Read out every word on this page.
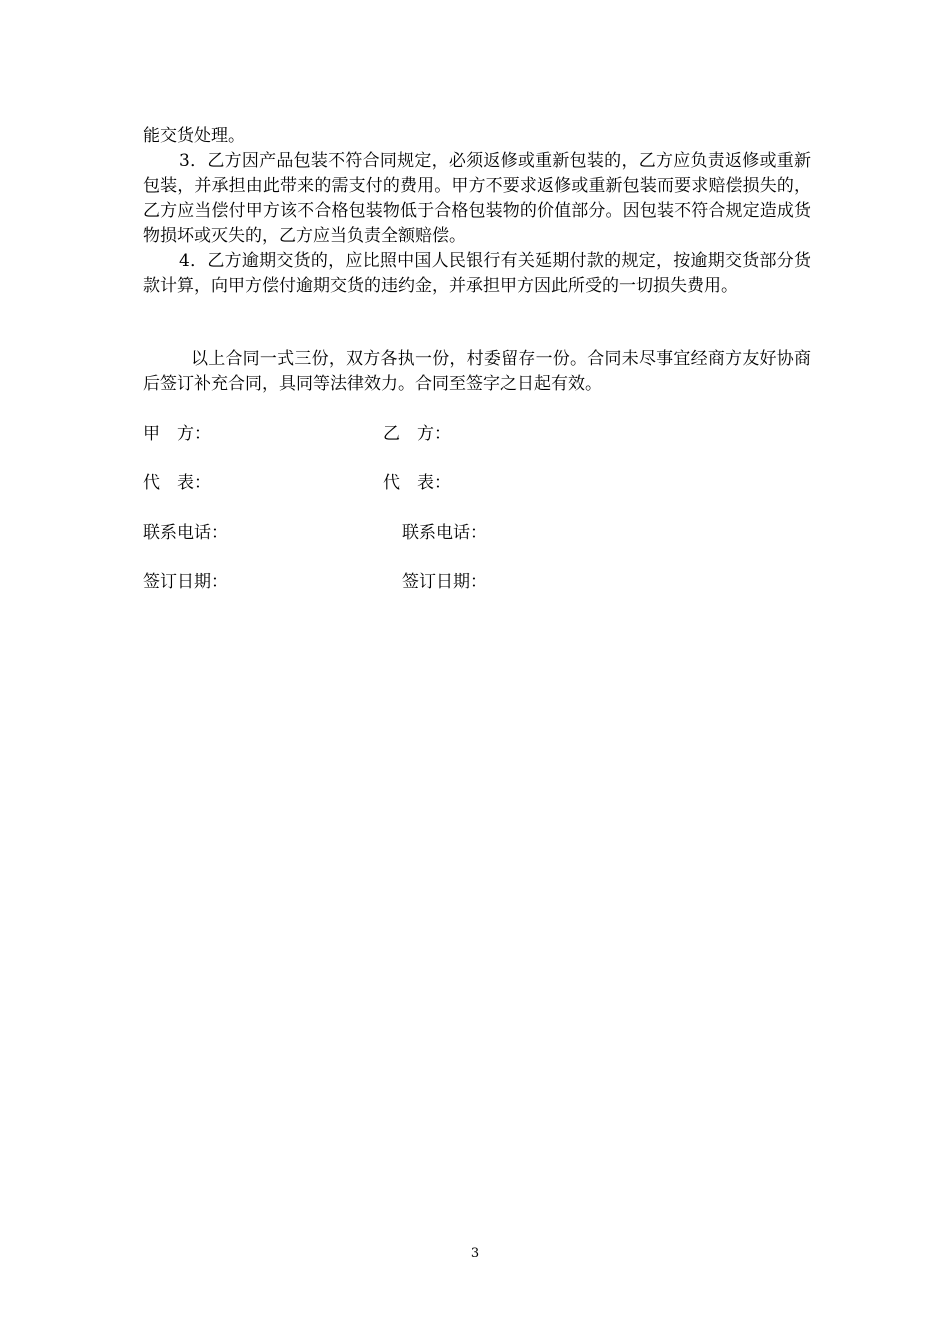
能交货处理。
3．乙方因产品包装不符合同规定，必须返修或重新包装的，乙方应负责返修或重新包装，并承担由此带来的需支付的费用。甲方不要求返修或重新包装而要求赔偿损失的，乙方应当偿付甲方该不合格包装物低于合格包装物的价值部分。因包装不符合规定造成货物损坏或灭失的，乙方应当负责全额赔偿。
4．乙方逾期交货的，应比照中国人民银行有关延期付款的规定，按逾期交货部分货款计算，向甲方偿付逾期交货的违约金，并承担甲方因此所受的一切损失费用。
以上合同一式三份，双方各执一份，村委留存一份。合同未尽事宜经商方友好协商后签订补充合同，具同等法律效力。合同至签字之日起有效。
甲　方：	乙　方：
代　表：	代　表：
联系电话：	联系电话：
签订日期：	签订日期：
3
